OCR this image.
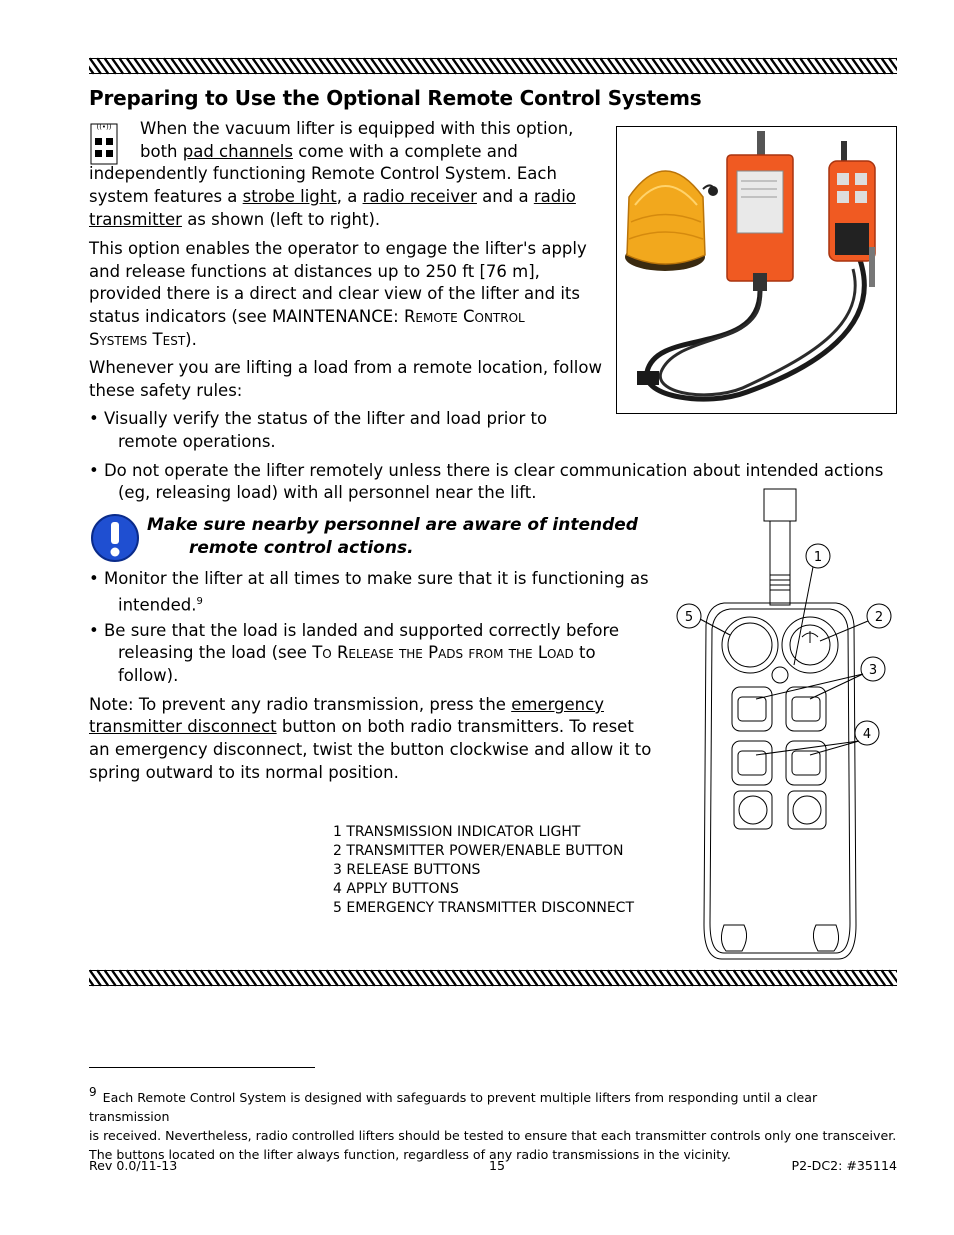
Preparing to Use the Optional Remote Control Systems
((•)) When the vacuum lifter is equipped with this option,
both pad channels come with a complete and
independently functioning Remote Control System. Each
system features a strobe light, a radio receiver and a radio
transmitter as shown (left to right).
This option enables the operator to engage the lifter's apply
and release functions at distances up to 250 ft [76 m],
provided there is a direct and clear view of the lifter and its
status indicators (see MAINTENANCE: Remote Control
Systems Test).
Whenever you are lifting a load from a remote location, follow
these safety rules:
• Visually verify the status of the lifter and load prior to
remote operations.
• Do not operate the lifter remotely unless there is clear communication about intended actions
(eg, releasing load) with all personnel near the lift.
Make sure nearby personnel are aware of intended
remote control actions.
• Monitor the lifter at all times to make sure that it is functioning as
intended.$^9$
• Be sure that the load is landed and supported correctly before
releasing the load (see To Release the Pads from the Load to
follow).
Note: To prevent any radio transmission, press the emergency
transmitter disconnect button on both radio transmitters. To reset
an emergency disconnect, twist the button clockwise and allow it to
spring outward to its normal position.
1
2
3
4
5
1 TRANSMISSION INDICATOR LIGHT
2 TRANSMITTER POWER/ENABLE BUTTON
3 RELEASE BUTTONS
4 APPLY BUTTONS
5 EMERGENCY TRANSMITTER DISCONNECT
$^9$ Each Remote Control System is designed with safeguards to prevent multiple lifters from responding until a clear transmission
is received. Nevertheless, radio controlled lifters should be tested to ensure that each transmitter controls only one transceiver.
The buttons located on the lifter always function, regardless of any radio transmissions in the vicinity.
Rev 0.0/11-13	15	P2-DC2: #35114
